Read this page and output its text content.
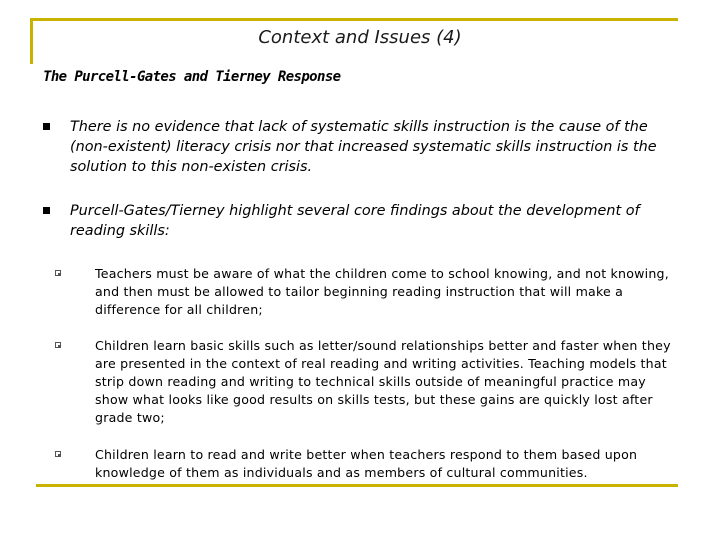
Context and Issues (4)
The Purcell-Gates and Tierney Response
There is no evidence that lack of systematic skills instruction is the cause of the (non-existent) literacy crisis nor that increased systematic skills instruction is the solution to this non-existen crisis.
Purcell-Gates/Tierney highlight several core findings about the development of reading skills:
Teachers must be aware of what the children come to school knowing, and not knowing, and then must be allowed to tailor beginning reading instruction that will make a difference for all children;
Children learn basic skills such as letter/sound relationships better and faster when they are presented in the context of real reading and writing activities. Teaching models that strip down reading and writing to technical skills outside of meaningful practice may show what looks like good results on skills tests, but these gains are quickly lost after grade two;
Children learn to read and write better when teachers respond to them based upon knowledge of them as individuals and as members of cultural communities.
